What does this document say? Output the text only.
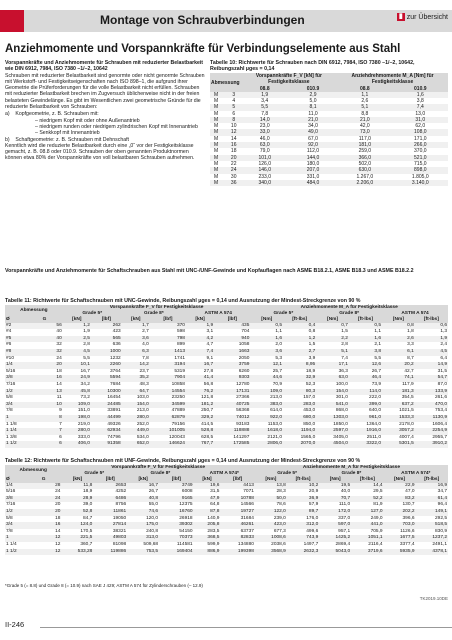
Montage von Schraubverbindungen	▮ zur Übersicht
Anziehmomente und Vorspannkräfte für Verbindungselemente aus Stahl

Vorspannkräfte und Anziehmomente für Schrauben mit reduzierter Belastbarkeit wie DIN 6912, 7984, ISO 7380 –1/–2, 10642

Schrauben mit reduzierter Belastbarkeit sind genormte oder nicht genormte Schrauben mit Werkstoff- und Festigkeitseigenschaften nach ISO 898–1, die aufgrund ihrer Geometrie die Prüferforderungen für die volle Belastbarkeit nicht erfüllen. Schrauben mit reduzierter Belastbarkeit brechen im Zugversuch üblicherweise nicht in der freien belasteten Gewindelänge. Es gibt im Wesentlichen zwei geometrische Gründe für die reduzierte Belastbarkeit von Schrauben:

a) Kopfgeometrie, z. B. Schrauben mit:

– niedrigem Kopf mit oder ohne Außenantrieb

– niedrigem runden oder niedrigem zylindrischen Kopf mit Innenantrieb

– Senkkopf mit Innenantrieb

b) Schaftgeometrie: z. B. Schrauben mit Dehnschaft

Kenntlich wird die reduzierte Belastbarkeit durch eine „0“ vor der Festigkeitsklasse gemacht, z. B. 08.8 oder 010.9. Schrauben der oben genannten Produktnormen können etwa 80% der Vorspannkräfte von voll belastbaren Schrauben aufnehmen.

Tabelle 10: Richtwerte für Schrauben nach DIN 6912, 7984, ISO 7380 –1/–2, 10642, Reibungszahl µges = 0,14
Abmessung		Vorspannkräfte F_V [kN] für Festigkeitsklasse		Anziehdrehmomente M_A [Nm] für Festigkeitsklasse	
		08.8	010.9	08.8	010.9
M	3	1,9	2,9	1,1	1,6
M	4	3,4	5,0	2,6	3,8
M	5	5,5	8,1	5,1	7,4
M	6	7,8	11,0	8,8	13,0
M	8	14,0	21,0	21,0	31,0
M	10	23,0	34,0	42,0	62,0
M	12	33,0	49,0	73,0	108,0
M	14	46,0	67,0	117,0	171,0
M	16	63,0	92,0	181,0	266,0
M	18	79,0	112,0	259,0	370,0
M	20	101,0	144,0	366,0	521,0
M	22	126,0	180,0	502,0	715,0
M	24	146,0	207,0	630,0	898,0
M	30	233,0	331,0	1.267,0	1.805,0
M	36	340,0	484,0	2.206,0	3.140,0
Vorspannkräfte und Anziehmomente für Schaftschrauben aus Stahl mit UNC-/UNF-Gewinde und Kopfauflagen nach ASME B18.2.1, ASME B18.3 und ASME B18.2.2
Tabelle 11: Richtwerte für Schaftschrauben mit UNC-Gewinde, Reibungszahl µges = 0,14 und Ausnutzung der Mindest-Streckgrenze von 90 %
Abmessung		Vorspannkräfte F_V für Festigkeitsklasse						Anziehmomente M_A für Festigkeitsklasse					
		Grade 5*		Grade 8*		ASTM A 574		Grade 5*		Grade 8*		ASTM A 574	
Ø	G	[kN]	[lbf]	[kN]	[lbf]	[kN]	[lbf]	[Nm]	[ft-lbs]	[Nm]	[ft-lbs]	[Nm]	[ft-lbs]
#2	56	1,2	262	1,7	370	1,9	435	0,5	0,4	0,7	0,5	0,8	0,6
#4	40	1,9	423	2,7	598	3,1	704	1,1	0,8	1,5	1,1	1,8	1,3
#5	40	2,5	565	3,6	798	4,2	940	1,6	1,2	2,2	1,6	2,6	1,9
#6	32	2,8	636	4,0	899	4,7	1058	2,0	1,5	2,8	2,1	3,3	2,4
#8	32	4,5	1000	6,3	1413	7,4	1663	3,6	2,7	5,1	3,8	6,1	4,5
#10	24	5,5	1232	7,8	1741	9,1	2050	5,3	3,9	7,4	5,5	8,7	6,4
1/4	20	10,1	2260	14,2	3194	16,7	3759	12,1	8,95	17,1	12,6	20,2	14,9
5/16	18	16,7	3764	23,7	5319	27,8	6260	25,7	18,9	36,3	26,7	42,7	31,5
3/8	16	24,9	5594	35,2	7904	41,4	9303	44,6	32,9	63,0	46,4	74,1	54,7
7/16	14	34,2	7684	48,3	10858	56,8	12780	70,9	52,3	100,0	73,9	117,9	87,0
1/2	13	45,8	10300	64,7	14554	76,2	17131	109,0	80,3	154,0	114,0	181,3	133,9
5/8	11	73,2	16454	103,0	23250	121,8	27366	213,0	157,0	301,0	222,0	354,5	261,6
3/4	10	109,0	24485	154,0	34599	181,2	40725	383,0	283,0	541,0	399,0	637,2	470,0
7/8	9	151,0	33891	213,0	47889	250,7	56368	614,0	453,0	868,0	640,0	1021,5	753,4
1	8	198,0	44499	280,0	62879	329,2	74012	922,0	680,0	1303,0	961,0	1533,3	1130,9
1 1/8	7	219,0	49326	252,0	79156	414,5	93183	1153,0	850,0	1850,0	1364,0	2178,0	1606,4
1 1/4	7	280,0	62934	449,0	101005	528,8	118888	1618,0	1194,0	2597,0	1916,0	3057,2	2254,9
1 3/8	6	333,0	74796	534,0	120043	628,5	141297	2121,0	1565,0	3405,0	2511,0	4007,4	2955,7
1 1/2	6	406,0	91358	652,0	146624	767,7	172585	2806,0	2070,0	4504,0	3322,0	5301,5	3910,2
Tabelle 12: Richtwerte für Schaftschrauben mit UNF-Gewinde, Reibungszahl µges = 0,14 und Ausnutzung der Mindest-Streckgrenze von 90 %
Abmessung		Vorspannkräfte F_V für Festigkeitsklasse						Anziehmomente M_A für Festigkeitsklasse					
		Grade 5*		Grade 8*		ASTM A 574*		Grade 5*		Grade 8*		ASTM A 574*	
Ø	G	[kN]	[lbf]	[kN]	[lbf]	[kN]	[lbf]	[Nm]	[ft-lbs]	[Nm]	[ft-lbs]	[Nm]	[ft-lbs]
1/4	28	11,8	2653	16,7	3749	19,6	4413	13,8	10,2	19,5	14,4	22,9	16,9
5/16	24	18,9	4252	26,7	6008	31,5	7071	28,3	20,9	40,0	29,5	47,0	34,7
3/8	24	28,9	6486	40,8	9165	47,9	10788	50,0	36,9	70,7	52,2	83,2	61,4
7/16	20	39,0	8756	55,0	12375	64,8	14566	78,6	57,9	111,0	81,9	130,7	96,4
1/2	20	52,8	11861	74,6	16760	87,8	19727	122,0	89,7	172,0	127,0	202,2	149,1
5/8	18	84,7	19050	120,0	26918	140,9	31684	239,0	176,0	337,0	249,0	396,6	292,5
3/4	16	124,0	27814	175,0	39302	205,8	46261	423,0	312,0	597,0	441,0	703,0	518,5
7/8	14	170,5	38321	240,8	54150	283,5	63737	677,3	499,6	957,1	705,9	1126,6	830,9
1	12	221,5	49803	313,0	70373	368,5	82833	1008,6	743,9	1425,2	1051,1	1677,5	1237,2
1 1/4	12	360,7	81098	509,68	114581	599,9	134880	2038,6	1497,7	2869,4	2116,4	3377,4	2491,1
1 1/2	12	533,28	119886	753,5	169404	886,9	199398	3568,9	2632,3	5043,0	3719,6	5935,9	4378,1
*Grade 5 (= 8.8) und Grade 8 (= 10.9) nach SAE J 429; ASTM A 574 für Zylinderschrauben (– 12.9)
TK2019.10DE
II-246
